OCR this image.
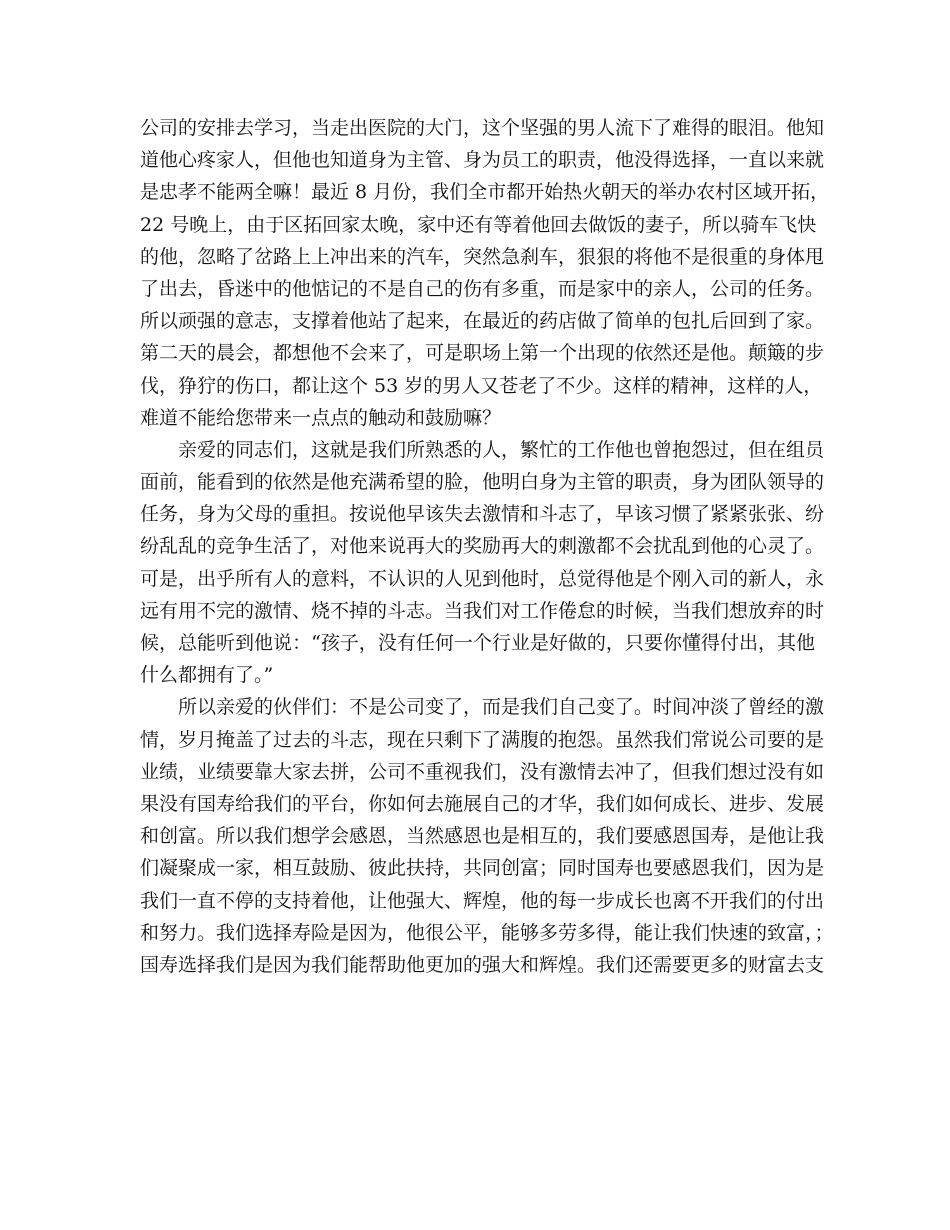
公司的安排去学习，当走出医院的大门，这个坚强的男人流下了难得的眼泪。他知
道他心疼家人，但他也知道身为主管、身为员工的职责，他没得选择，一直以来就
是忠孝不能两全嘛！最近 8 月份，我们全市都开始热火朝天的举办农村区域开拓，
22 号晚上，由于区拓回家太晚，家中还有等着他回去做饭的妻子，所以骑车飞快
的他，忽略了岔路上上冲出来的汽车，突然急刹车，狠狠的将他不是很重的身体甩
了出去，昏迷中的他惦记的不是自己的伤有多重，而是家中的亲人，公司的任务。
所以顽强的意志，支撑着他站了起来，在最近的药店做了简单的包扎后回到了家。
第二天的晨会，都想他不会来了，可是职场上第一个出现的依然还是他。颠簸的步
伐，狰狞的伤口，都让这个 53 岁的男人又苍老了不少。这样的精神，这样的人，
难道不能给您带来一点点的触动和鼓励嘛？
亲爱的同志们，这就是我们所熟悉的人，繁忙的工作他也曾抱怨过，但在组员
面前，能看到的依然是他充满希望的脸，他明白身为主管的职责，身为团队领导的
任务，身为父母的重担。按说他早该失去激情和斗志了，早该习惯了紧紧张张、纷
纷乱乱的竞争生活了，对他来说再大的奖励再大的刺激都不会扰乱到他的心灵了。
可是，出乎所有人的意料，不认识的人见到他时，总觉得他是个刚入司的新人，永
远有用不完的激情、烧不掉的斗志。当我们对工作倦怠的时候，当我们想放弃的时
候，总能听到他说：“孩子，没有任何一个行业是好做的，只要你懂得付出，其他
什么都拥有了。”
所以亲爱的伙伴们：不是公司变了，而是我们自己变了。时间冲淡了曾经的激
情，岁月掩盖了过去的斗志，现在只剩下了满腹的抱怨。虽然我们常说公司要的是
业绩，业绩要靠大家去拼，公司不重视我们，没有激情去冲了，但我们想过没有如
果没有国寿给我们的平台，你如何去施展自己的才华，我们如何成长、进步、发展
和创富。所以我们想学会感恩，当然感恩也是相互的，我们要感恩国寿，是他让我
们凝聚成一家，相互鼓励、彼此扶持，共同创富；同时国寿也要感恩我们，因为是
我们一直不停的支持着他，让他强大、辉煌，他的每一步成长也离不开我们的付出
和努力。我们选择寿险是因为，他很公平，能够多劳多得，能让我们快速的致富，；
国寿选择我们是因为我们能帮助他更加的强大和辉煌。我们还需要更多的财富去支
